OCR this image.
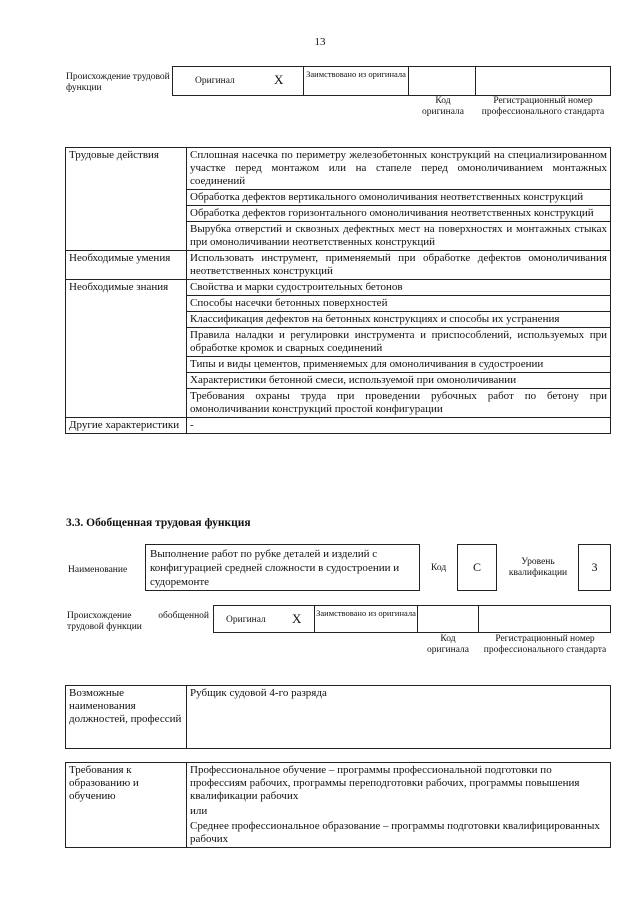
13
Происхождение трудовой функции
Оригинал	X	Заимствовано из оригинала
Код оригинала
Регистрационный номер профессионального стандарта
Трудовые действия	Сплошная насечка по периметру железобетонных конструкций на специализированном участке перед монтажом или на стапеле перед омоноличиванием монтажных соединений
	Обработка дефектов вертикального омоноличивания неответственных конструкций
	Обработка дефектов горизонтального омоноличивания неответственных конструкций
	Вырубка отверстий и сквозных дефектных мест на поверхностях и монтажных стыках при омоноличивании неответственных конструкций
Необходимые умения	Использовать инструмент, применяемый при обработке дефектов омоноличивания неответственных конструкций
Необходимые знания	Свойства и марки судостроительных бетонов
	Способы насечки бетонных поверхностей
	Классификация дефектов на бетонных конструкциях и способы их устранения
	Правила наладки и регулировки инструмента и приспособлений, используемых при обработке кромок и сварных соединений
	Типы и виды цементов, применяемых для омоноличивания в судостроении
	Характеристики бетонной смеси, используемой при омоноличивании
	Требования охраны труда при проведении рубочных работ по бетону при омоноличивании конструкций простой конфигурации
Другие характеристики	-
3.3. Обобщенная трудовая функция
Наименование
Выполнение работ по рубке деталей и изделий с конфигурацией средней сложности в судостроении и судоремонте
Код	C	Уровень квалификации	3
Происхождение обобщенной трудовой функции
Оригинал X Заимствовано из оригинала
Код оригинала
Регистрационный номер профессионального стандарта
Возможные наименования должностей, профессий	Рубщик судовой 4-го разряда
Требования к образованию и обучению	Профессиональное обучение – программы профессиональной подготовки по профессиям рабочих, программы переподготовки рабочих, программы повышения квалификации рабочих
или
Среднее профессиональное образование – программы подготовки квалифицированных рабочих
